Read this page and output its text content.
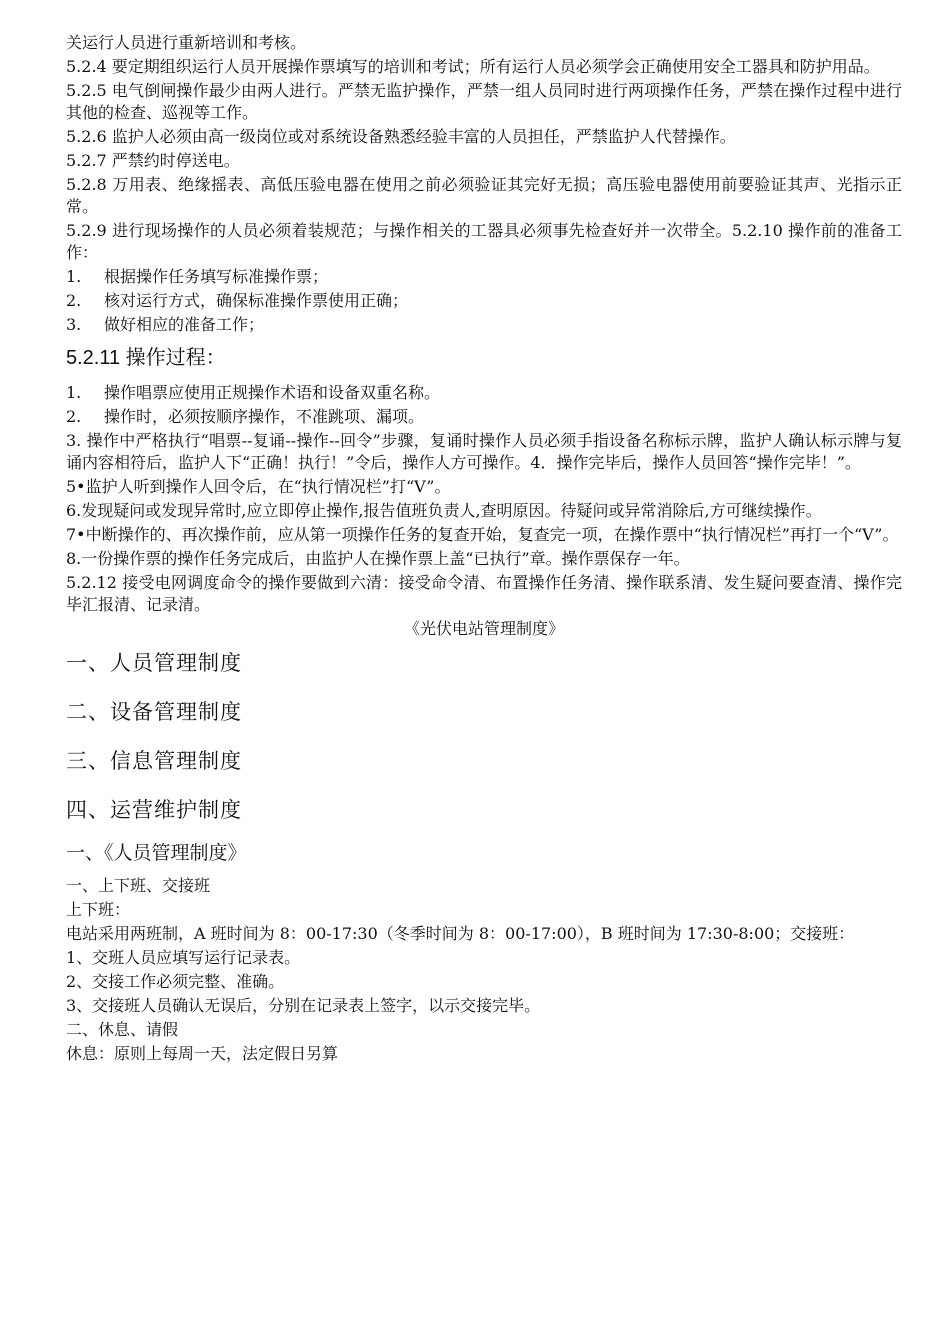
关运行人员进行重新培训和考核。

5.2.4 要定期组织运行人员开展操作票填写的培训和考试；所有运行人员必须学会正确使用安全工器具和防护用品。

5.2.5 电气倒闸操作最少由两人进行。严禁无监护操作，严禁一组人员同时进行两项操作任务，严禁在操作过程中进行其他的检查、巡视等工作。

5.2.6 监护人必须由高一级岗位或对系统设备熟悉经验丰富的人员担任，严禁监护人代替操作。

5.2.7 严禁约时停送电。

5.2.8 万用表、绝缘摇表、高低压验电器在使用之前必须验证其完好无损；高压验电器使用前要验证其声、光指示正常。

5.2.9 进行现场操作的人员必须着装规范；与操作相关的工器具必须事先检查好并一次带全。5.2.10 操作前的准备工作：

1.	根据操作任务填写标准操作票；
2.	核对运行方式，确保标准操作票使用正确；
3.	做好相应的准备工作；
5.2.11 操作过程：
1.	操作唱票应使用正规操作术语和设备双重名称。
2.	操作时，必须按顺序操作，不准跳项、漏项。

3. 操作中严格执行“唱票--复诵--操作--回令”步骤，复诵时操作人员必须手指设备名称标示牌，监护人确认标示牌与复诵内容相符后，监护人下“正确！执行！”令后，操作人方可操作。4．操作完毕后，操作人员回答“操作完毕！”。

5•监护人听到操作人回令后，在“执行情况栏”打“V”。

6.发现疑问或发现异常时,应立即停止操作,报告值班负责人,查明原因。待疑问或异常消除后,方可继续操作。

7•中断操作的、再次操作前，应从第一项操作任务的复查开始，复查完一项，在操作票中“执行情况栏”再打一个“V”。

8.一份操作票的操作任务完成后，由监护人在操作票上盖“已执行”章。操作票保存一年。

5.2.12 接受电网调度命令的操作要做到六清：接受命令清、布置操作任务清、操作联系清、发生疑问要查清、操作完毕汇报清、记录清。

《光伏电站管理制度》
一、人员管理制度
二、设备管理制度
三、信息管理制度
四、运营维护制度
一、《人员管理制度》

一、上下班、交接班

上下班：

电站采用两班制，A 班时间为 8：00-17:30（冬季时间为 8：00-17:00），B 班时间为 17:30-8:00；交接班：

1、交班人员应填写运行记录表。

2、交接工作必须完整、准确。

3、交接班人员确认无误后，分别在记录表上签字，以示交接完毕。

二、休息、请假

休息：原则上每周一天，法定假日另算
